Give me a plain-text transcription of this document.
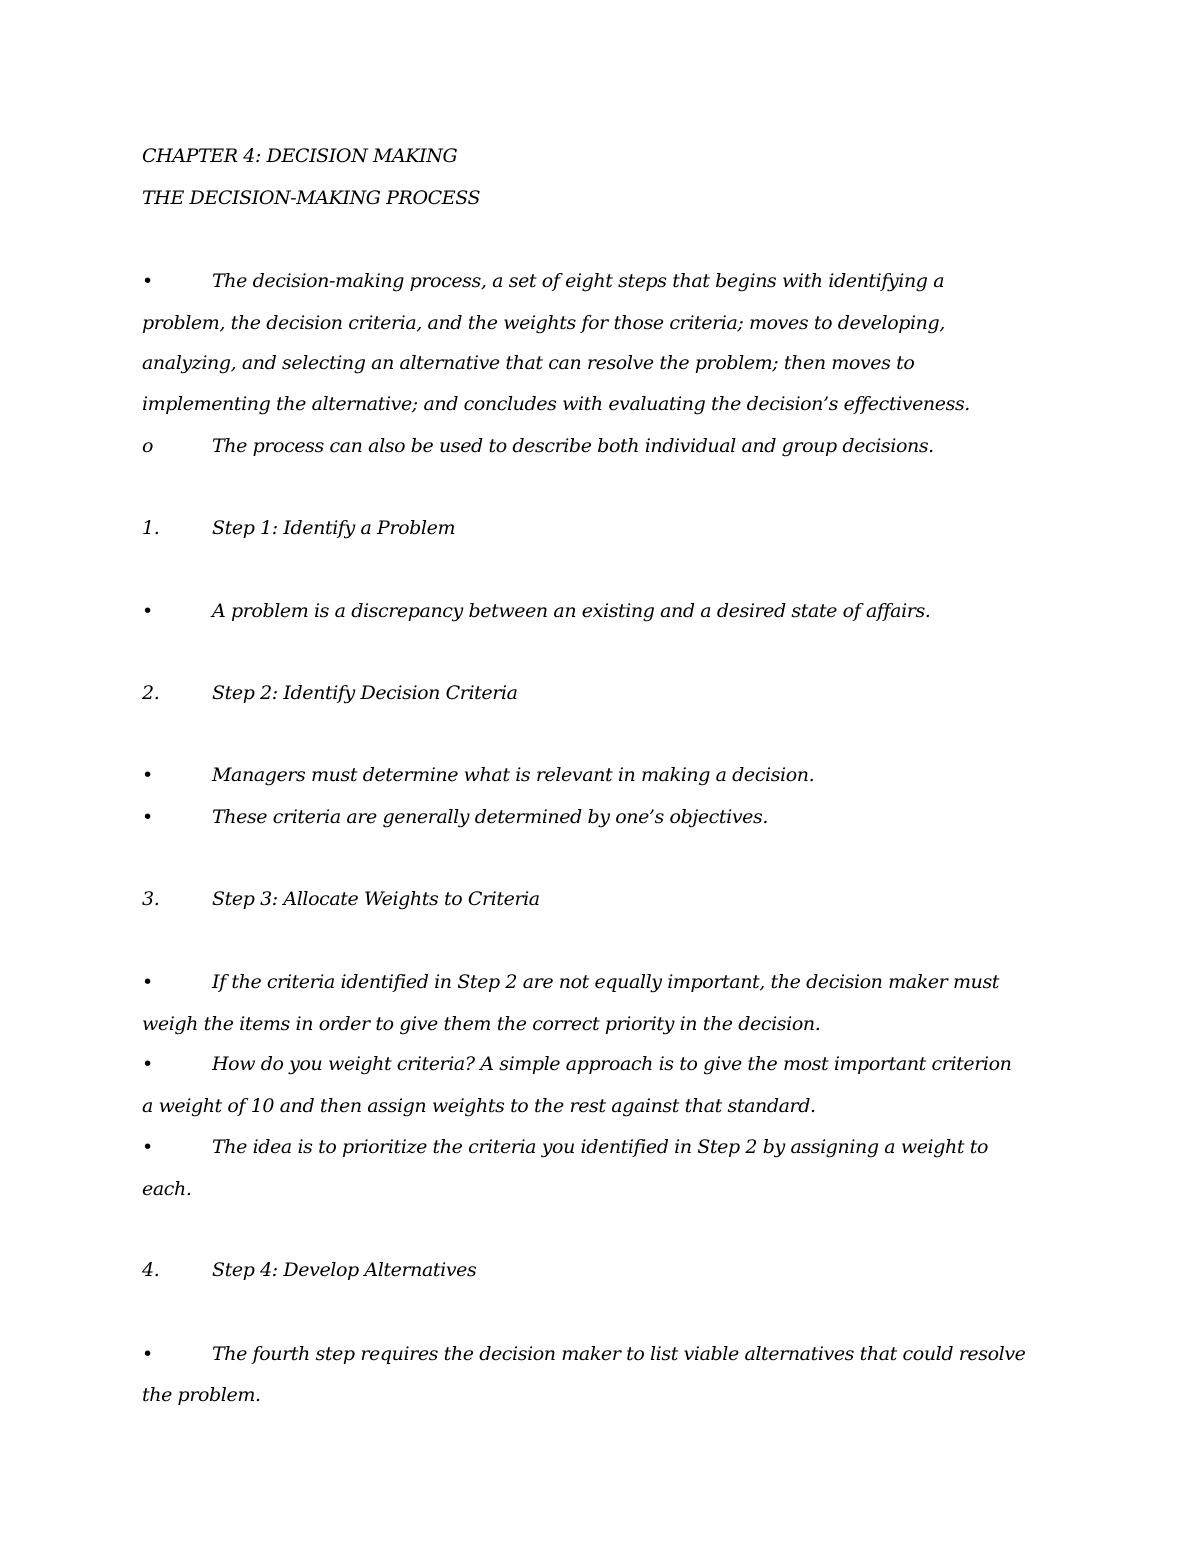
CHAPTER 4: DECISION MAKING
THE DECISION-MAKING PROCESS
•	The decision-making process, a set of eight steps that begins with identifying a
problem, the decision criteria, and the weights for those criteria; moves to developing,
analyzing, and selecting an alternative that can resolve the problem; then moves to
implementing the alternative; and concludes with evaluating the decision’s effectiveness.
o	The process can also be used to describe both individual and group decisions.
1.	Step 1: Identify a Problem
•	A problem is a discrepancy between an existing and a desired state of affairs.
2.	Step 2: Identify Decision Criteria
•	Managers must determine what is relevant in making a decision.
•	These criteria are generally determined by one’s objectives.
3.	Step 3: Allocate Weights to Criteria
•	If the criteria identified in Step 2 are not equally important, the decision maker must
weigh the items in order to give them the correct priority in the decision.
•	How do you weight criteria? A simple approach is to give the most important criterion
a weight of 10 and then assign weights to the rest against that standard.
•	The idea is to prioritize the criteria you identified in Step 2 by assigning a weight to
each.
4.	Step 4: Develop Alternatives
•	The fourth step requires the decision maker to list viable alternatives that could resolve
the problem.
